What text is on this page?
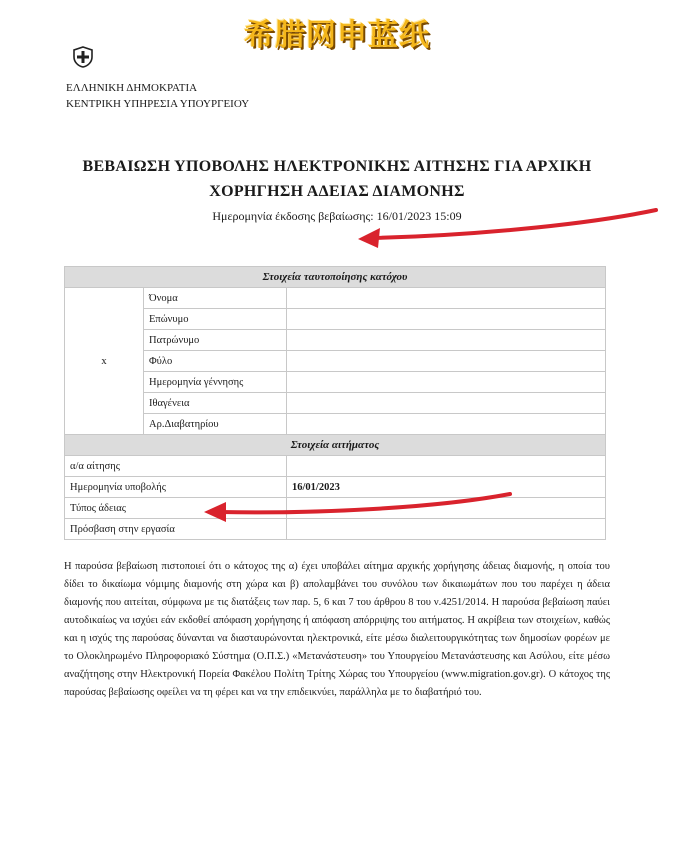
希腊网申蓝纸
ΕΛΛΗΝΙΚΗ ΔΗΜΟΚΡΑΤΙΑ
ΚΕΝΤΡΙΚΗ ΥΠΗΡΕΣΙΑ ΥΠΟΥΡΓΕΙΟΥ
ΒΕΒΑΙΩΣΗ ΥΠΟΒΟΛΗΣ ΗΛΕΚΤΡΟΝΙΚΗΣ ΑΙΤΗΣΗΣ ΓΙΑ ΑΡΧΙΚΗ
ΧΟΡΗΓΗΣΗ ΑΔΕΙΑΣ ΔΙΑΜΟΝΗΣ
Ημερομηνία έκδοσης βεβαίωσης: 16/01/2023 15:09
Στοιχεία ταυτοποίησης κατόχου		
x	Όνομα	
	Επώνυμο	
	Πατρώνυμο	
	Φύλο	
	Ημερομηνία γέννησης	
	Ιθαγένεια	
	Αρ.Διαβατηρίου	
Στοιχεία αιτήματος		
α/α αίτησης		
Ημερομηνία υποβολής		16/01/2023
Τύπος άδειας		
Πρόσβαση στην εργασία		
Η παρούσα βεβαίωση πιστοποιεί ότι ο κάτοχος της α) έχει υποβάλει αίτημα αρχικής χορήγησης άδειας διαμονής, η οποία του δίδει το δικαίωμα νόμιμης διαμονής στη χώρα και β) απολαμβάνει του συνόλου των δικαιωμάτων που του παρέχει η άδεια διαμονής που αιτείται, σύμφωνα με τις διατάξεις των παρ. 5, 6 και 7 του άρθρου 8 του ν.4251/2014. Η παρούσα βεβαίωση παύει αυτοδικαίως να ισχύει εάν εκδοθεί απόφαση χορήγησης ή απόφαση απόρριψης του αιτήματος. Η ακρίβεια των στοιχείων, καθώς και η ισχύς της παρούσας δύνανται να διασταυρώνονται ηλεκτρονικά, είτε μέσω διαλειτουργικότητας των δημοσίων φορέων με το Ολοκληρωμένο Πληροφοριακό Σύστημα (Ο.Π.Σ.) «Μετανάστευση» του Υπουργείου Μετανάστευσης και Ασύλου, είτε μέσω αναζήτησης στην Ηλεκτρονική Πορεία Φακέλου Πολίτη Τρίτης Χώρας του Υπουργείου (www.migration.gov.gr). Ο κάτοχος της παρούσας βεβαίωσης οφείλει να τη φέρει και να την επιδεικνύει, παράλληλα με το διαβατήριό του.
